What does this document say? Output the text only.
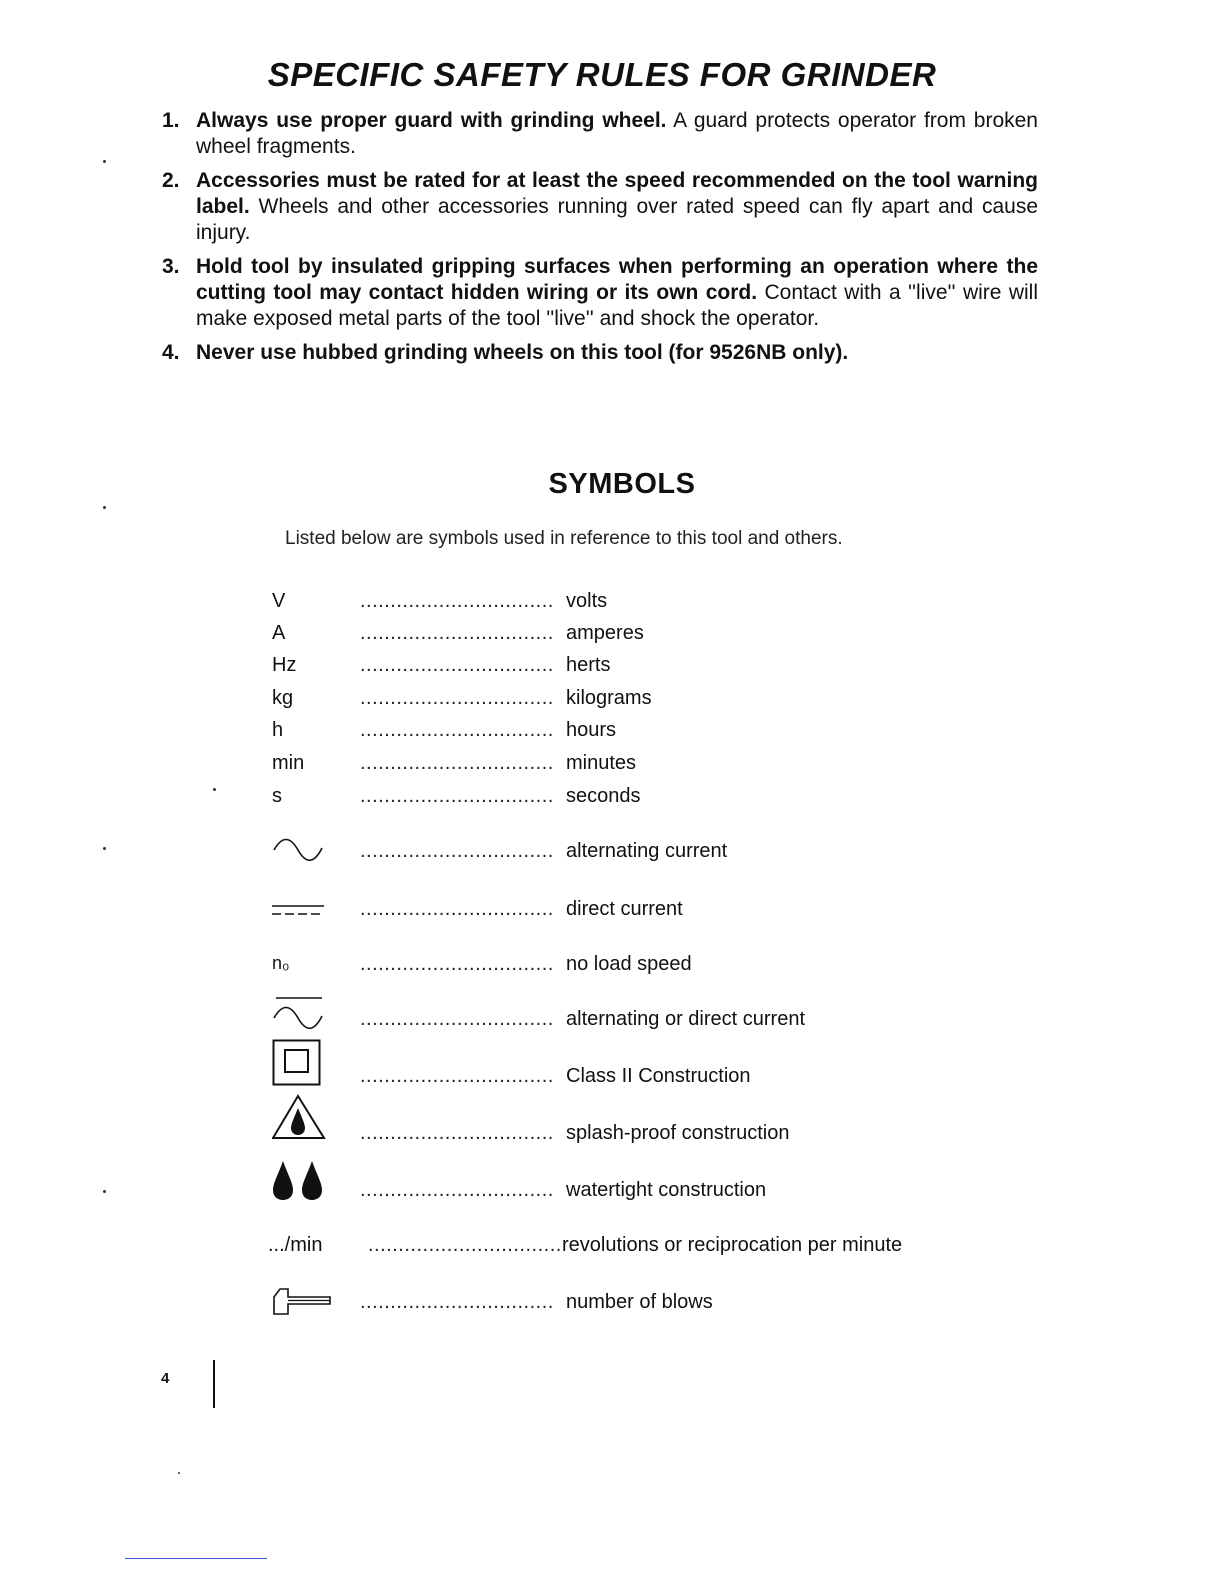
SPECIFIC SAFETY RULES FOR GRINDER
1. Always use proper guard with grinding wheel. A guard protects operator from broken wheel fragments.
2. Accessories must be rated for at least the speed recommended on the tool warning label. Wheels and other accessories running over rated speed can fly apart and cause injury.
3. Hold tool by insulated gripping surfaces when performing an operation where the cutting tool may contact hidden wiring or its own cord. Contact with a ''live'' wire will make exposed metal parts of the tool ''live'' and shock the operator.
4. Never use hubbed grinding wheels on this tool (for 9526NB only).
SYMBOLS
Listed below are symbols used in reference to this tool and others.
V	................................ volts
A	................................ amperes
Hz	................................ herts
kg	................................ kilograms
h	................................ hours
min	................................ minutes
s	................................ seconds
................................ alternating current
................................ direct current
n₀	................................ no load speed
................................ alternating or direct current
................................ Class II Construction
................................ splash-proof construction
................................ watertight construction
.../min ................................ revolutions or reciprocation per minute
................................ number of blows
4
